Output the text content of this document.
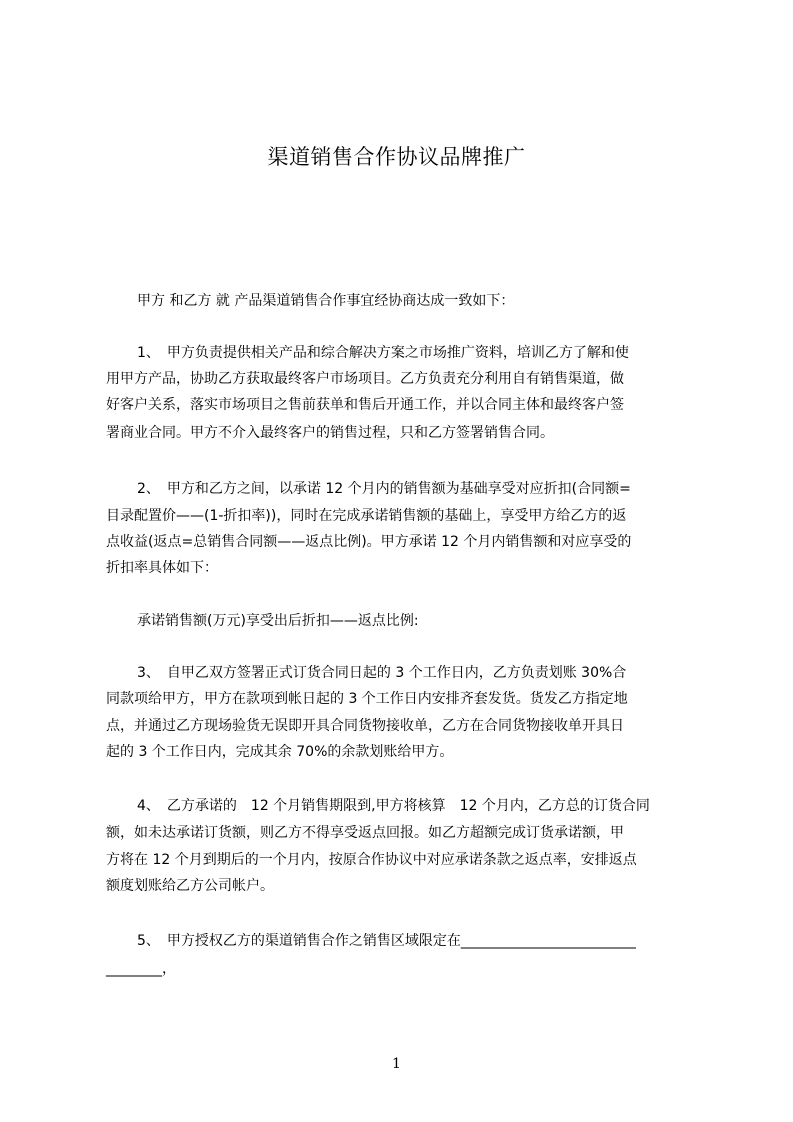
渠道销售合作协议品牌推广
甲方 和乙方 就 产品渠道销售合作事宜经协商达成一致如下：
1、　甲方负责提供相关产品和综合解决方案之市场推广资料，培训乙方了解和使
用甲方产品，协助乙方获取最终客户市场项目。乙方负责充分利用自有销售渠道，做
好客户关系，落实市场项目之售前获单和售后开通工作，并以合同主体和最终客户签
署商业合同。甲方不介入最终客户的销售过程，只和乙方签署销售合同。
2、　甲方和乙方之间，以承诺 12 个月内的销售额为基础享受对应折扣(合同额=
目录配置价——(1-折扣率))，同时在完成承诺销售额的基础上，享受甲方给乙方的返
点收益(返点=总销售合同额——返点比例)。甲方承诺 12 个月内销售额和对应享受的
折扣率具体如下：
承诺销售额(万元)享受出后折扣——返点比例:
3、　自甲乙双方签署正式订货合同日起的 3 个工作日内，乙方负责划账 30%合
同款项给甲方，甲方在款项到帐日起的 3 个工作日内安排齐套发货。货发乙方指定地
点，并通过乙方现场验货无误即开具合同货物接收单，乙方在合同货物接收单开具日
起的 3 个工作日内，完成其余 70%的余款划账给甲方。
4、　乙方承诺的　12 个月销售期限到,甲方将核算　12 个月内，乙方总的订货合同
额，如未达承诺订货额，则乙方不得享受返点回报。如乙方超额完成订货承诺额，甲
方将在 12 个月到期后的一个月内，按原合作协议中对应承诺条款之返点率，安排返点
额度划账给乙方公司帐户。
5、　甲方授权乙方的渠道销售合作之销售区域限定在_________________________
________，
1
